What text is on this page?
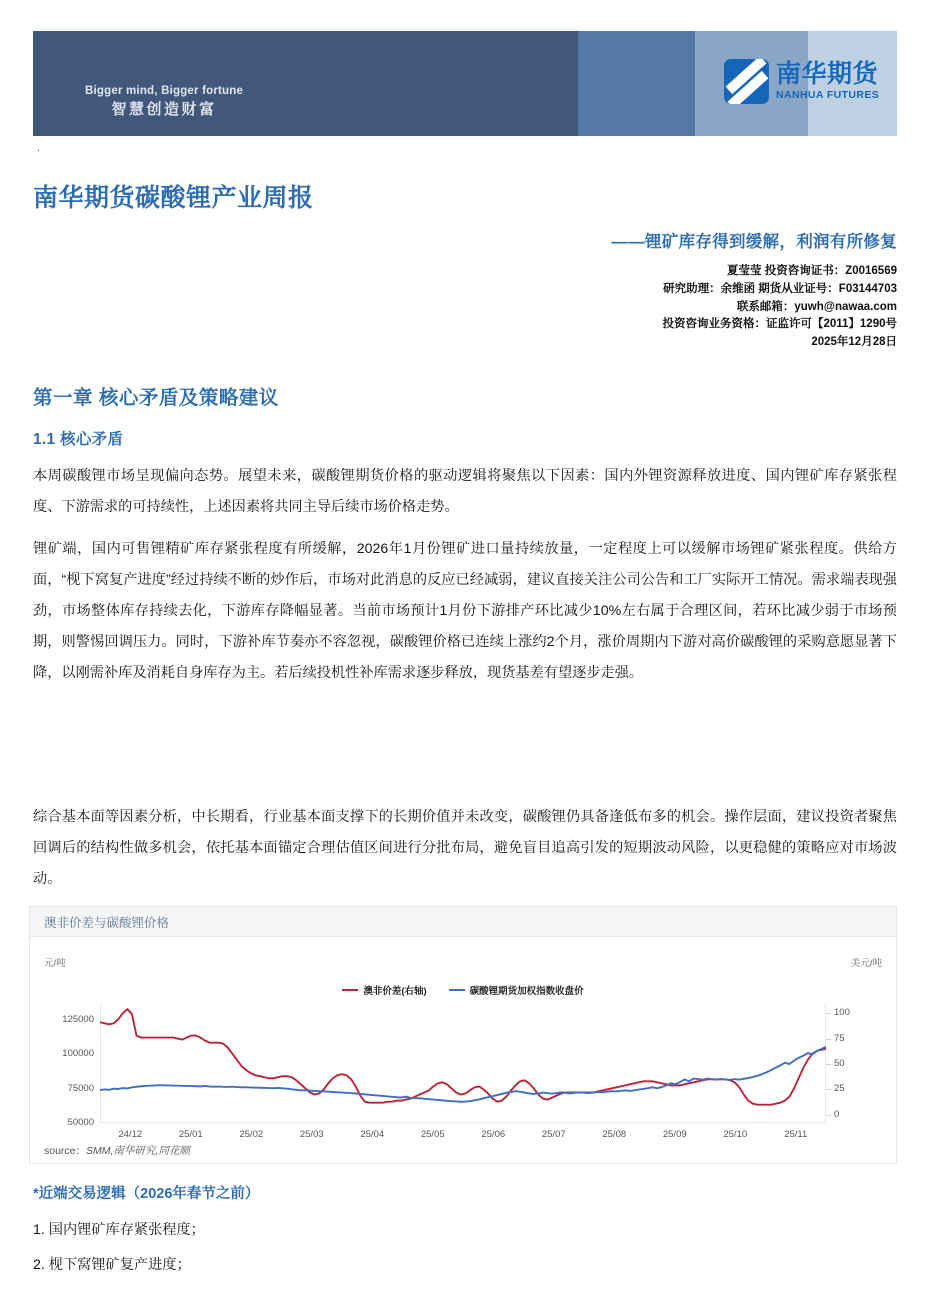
Bigger mind, Bigger fortune
智慧创造财富
南华期货
NANHUA FUTURES
.
南华期货碳酸锂产业周报
——锂矿库存得到缓解，利润有所修复
夏莹莹 投资咨询证书：Z0016569
研究助理：余维函 期货从业证号：F03144703
联系邮箱：yuwh@nawaa.com
投资咨询业务资格：证监许可【2011】1290号
2025年12月28日
第一章 核心矛盾及策略建议
1.1 核心矛盾
本周碳酸锂市场呈现偏向态势。展望未来，碳酸锂期货价格的驱动逻辑将聚焦以下因素：国内外锂资源释放进度、国内锂矿库存紧张程度、下游需求的可持续性，上述因素将共同主导后续市场价格走势。
锂矿端，国内可售锂精矿库存紧张程度有所缓解，2026年1月份锂矿进口量持续放量，一定程度上可以缓解市场锂矿紧张程度。供给方面，“枧下窝复产进度”经过持续不断的炒作后，市场对此消息的反应已经减弱，建议直接关注公司公告和工厂实际开工情况。需求端表现强劲，市场整体库存持续去化，下游库存降幅显著。当前市场预计1月份下游排产环比减少10%左右属于合理区间，若环比减少弱于市场预期，则警惕回调压力。同时，下游补库节奏亦不容忽视，碳酸锂价格已连续上涨约2个月，涨价周期内下游对高价碳酸锂的采购意愿显著下降，以刚需补库及消耗自身库存为主。若后续投机性补库需求逐步释放，现货基差有望逐步走强。
综合基本面等因素分析，中长期看，行业基本面支撑下的长期价值并未改变，碳酸锂仍具备逢低布多的机会。操作层面，建议投资者聚焦回调后的结构性做多机会，依托基本面锚定合理估值区间进行分批布局，避免盲目追高引发的短期波动风险，以更稳健的策略应对市场波动。
澳非价差与碳酸锂价格
元/吨	美元/吨
澳非价差(右轴)	碳酸锂期货加权指数收盘价
125000
100000
75000
50000
100
75
50
25
0
24/12	25/01	25/02	25/03	25/04	25/05	25/06	25/07	25/08	25/09	25/10	25/11
source：SMM,南华研究,同花顺
*近端交易逻辑（2026年春节之前）
1. 国内锂矿库存紧张程度；
2. 枧下窝锂矿复产进度；
